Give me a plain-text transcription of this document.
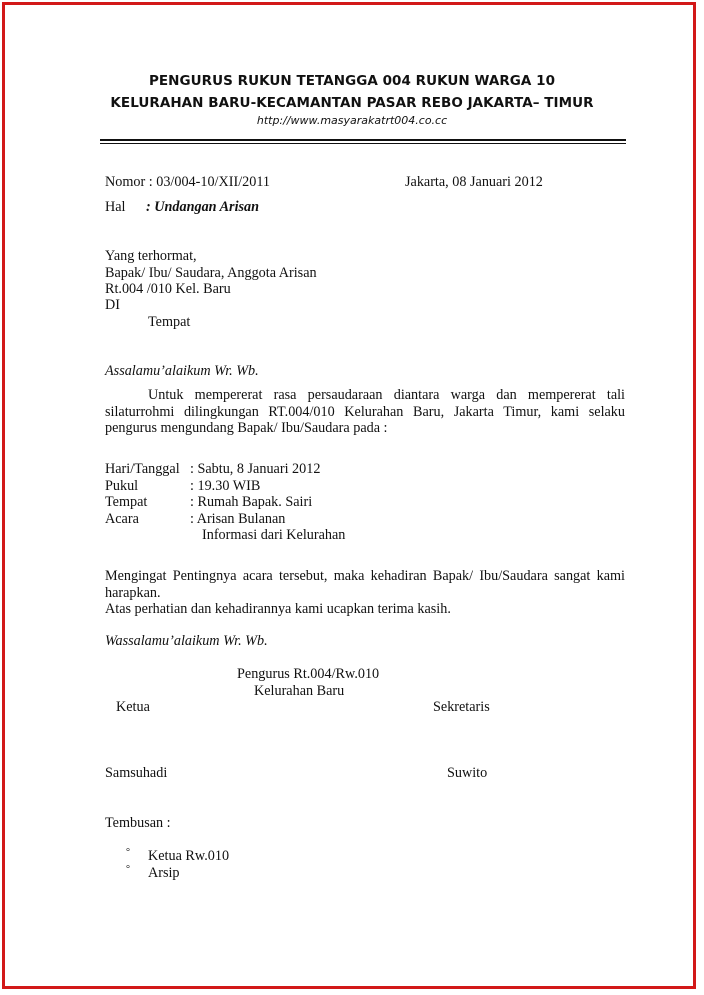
PENGURUS RUKUN TETANGGA 004 RUKUN WARGA 10
KELURAHAN BARU-KECAMANTAN PASAR REBO JAKARTA– TIMUR
http://www.masyarakatrt004.co.cc
Nomor : 03/004-10/XII/2011	Jakarta, 08 Januari 2012
Hal : Undangan Arisan
Yang terhormat,
Bapak/ Ibu/ Saudara, Anggota Arisan
Rt.004 /010 Kel. Baru
DI
Tempat
Assalamu’alaikum Wr. Wb.
Untuk mempererat rasa persaudaraan diantara warga dan mempererat tali silaturrohmi dilingkungan RT.004/010 Kelurahan Baru, Jakarta Timur, kami selaku pengurus mengundang Bapak/ Ibu/Saudara pada :
Hari/Tanggal : Sabtu, 8 Januari 2012
Pukul	: 19.30 WIB
Tempat	: Rumah Bapak. Sairi
Acara	: Arisan Bulanan
Informasi dari Kelurahan
Mengingat Pentingnya acara tersebut, maka kehadiran Bapak/ Ibu/Saudara sangat kami harapkan.
Atas perhatian dan kehadirannya kami ucapkan terima kasih.
Wassalamu’alaikum Wr. Wb.
Pengurus Rt.004/Rw.010
Kelurahan Baru
Ketua	Sekretaris
Samsuhadi	Suwito
Tembusan :
° Ketua Rw.010
° Arsip
